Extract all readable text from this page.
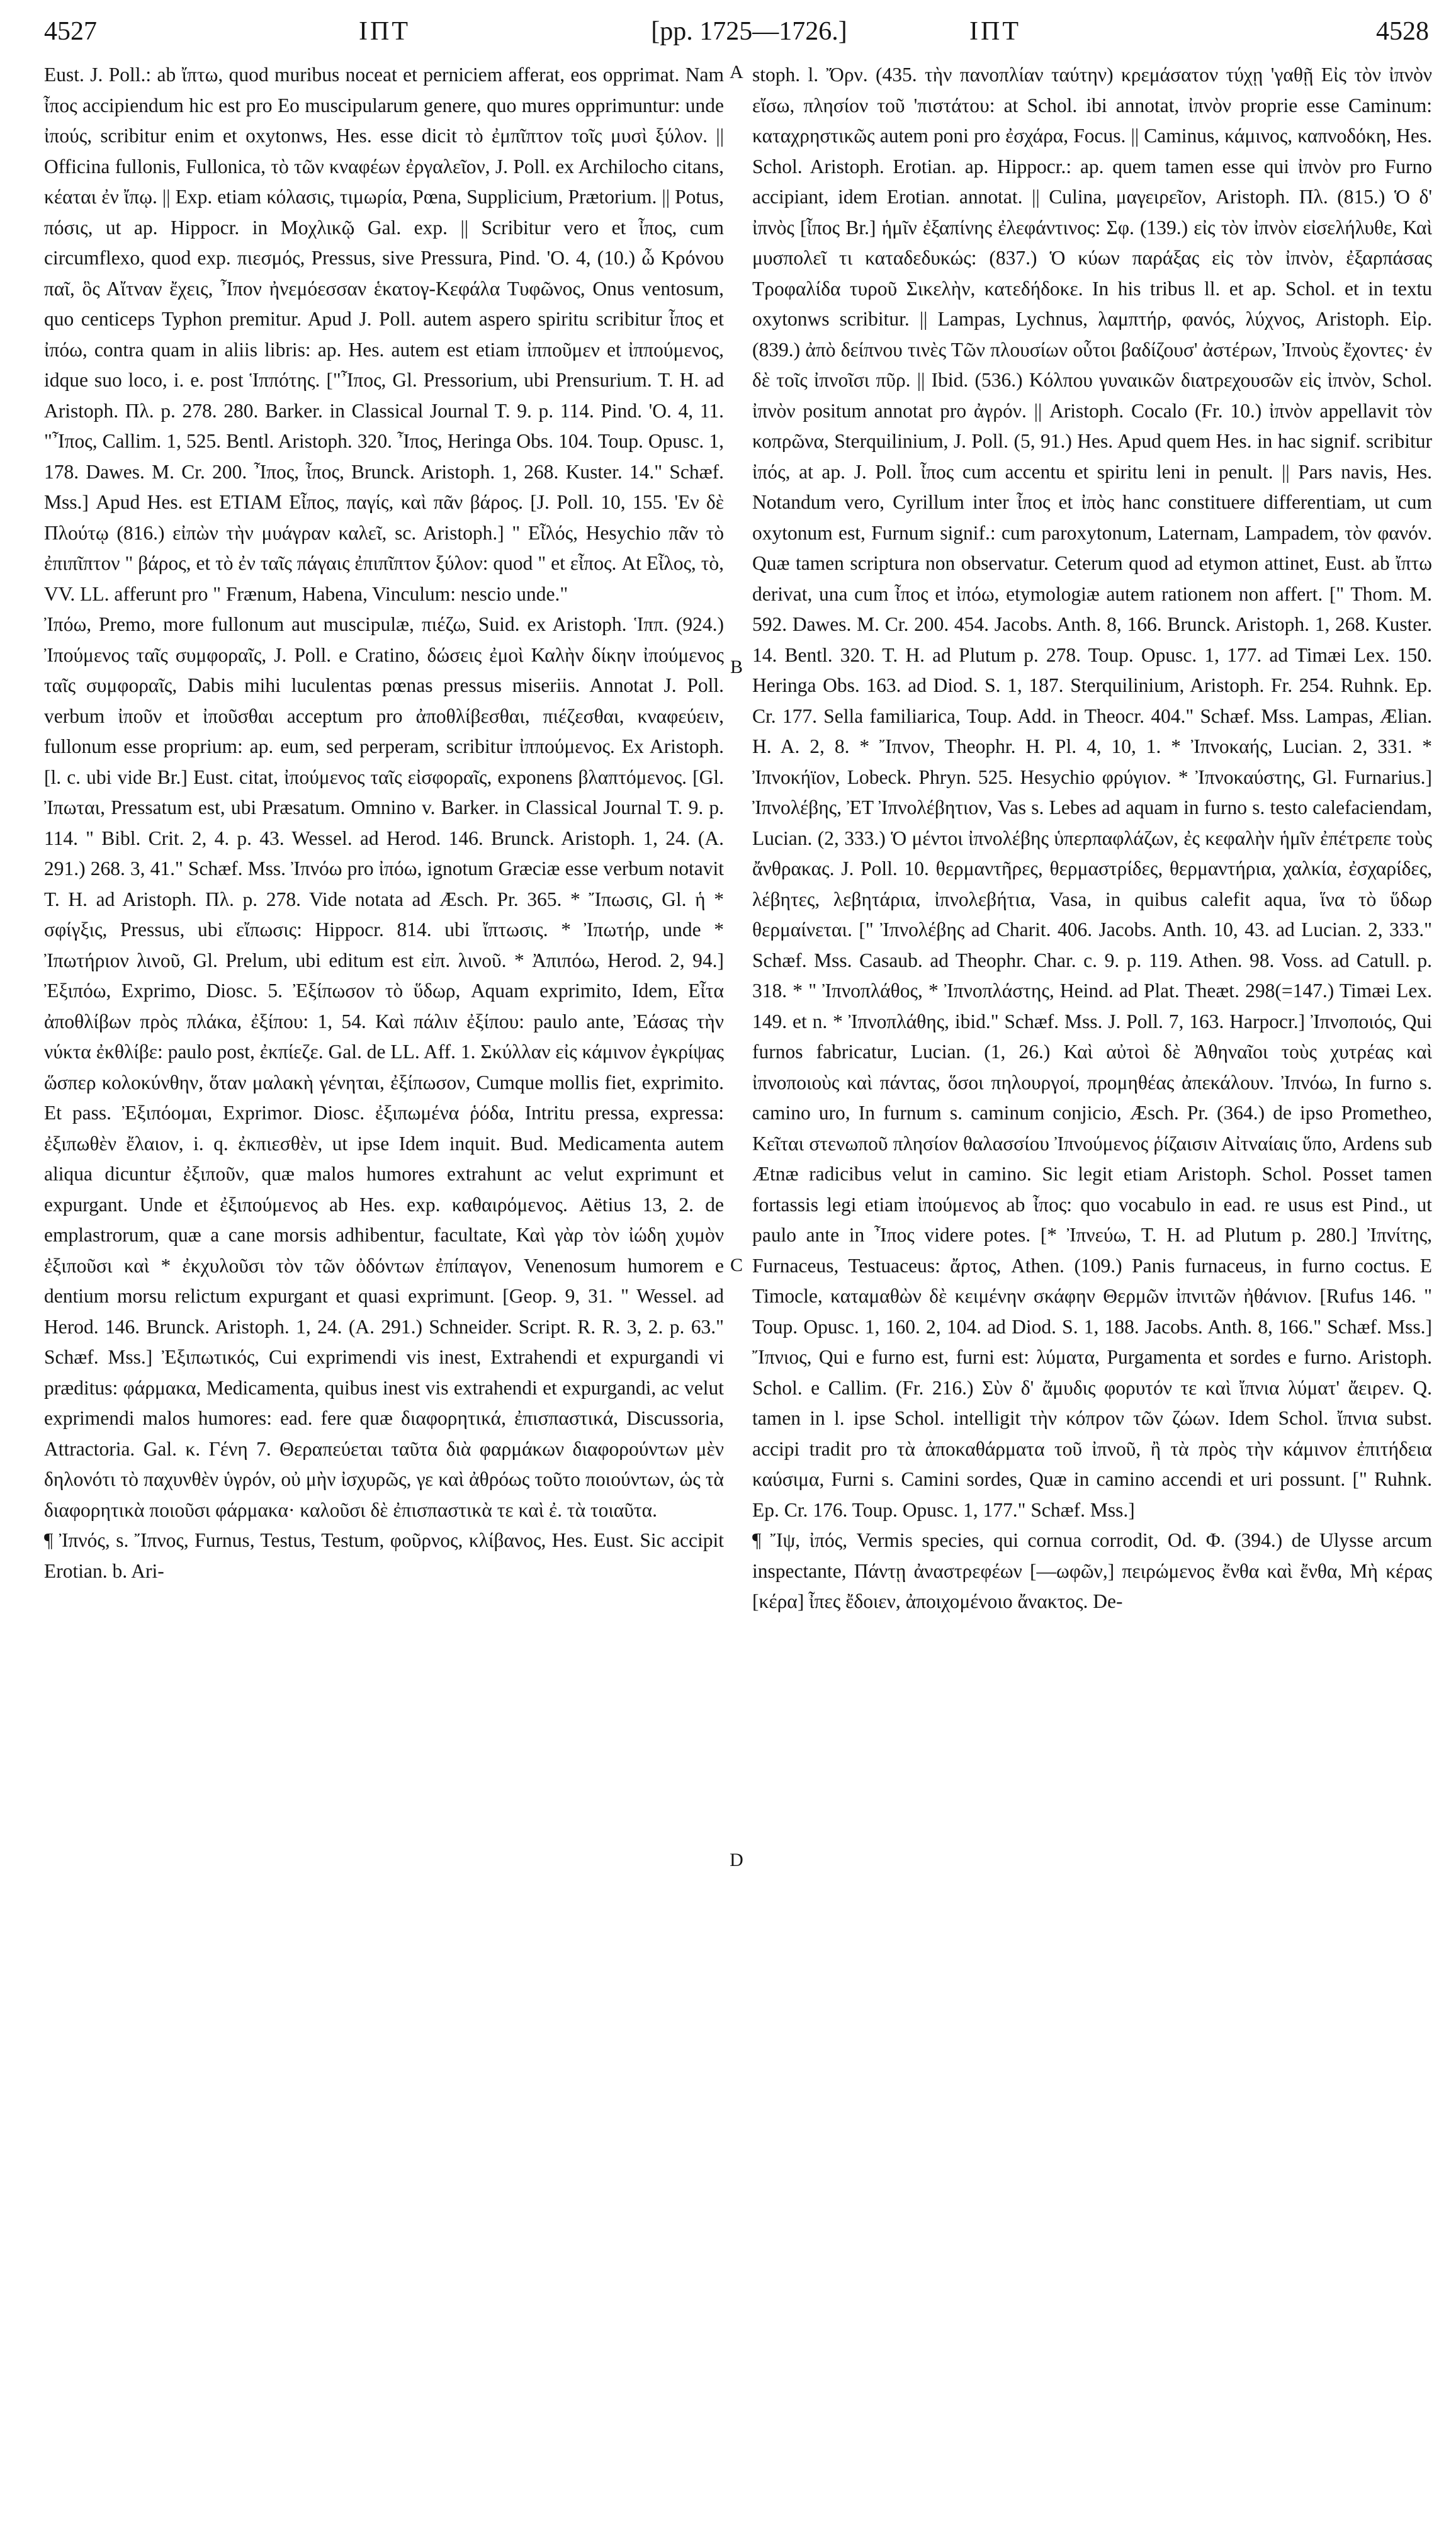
4527	ΙΠΤ	[pp. 1725—1726.]	ΙΠΤ	4528

Eust. J. Poll.: ab ἴπτω, quod muribus noceat et perniciem afferat, eos opprimat. Nam ἶπος accipiendum hic est pro Eo muscipularum genere, quo mures opprimuntur: unde ἰπούς, scribitur enim et oxytonws, Hes. esse dicit τὸ ἐμπῖπτον τοῖς μυσὶ ξύλον. || Officina fullonis, Fullonica, τὸ τῶν κναφέων ἐργαλεῖον, J. Poll. ex Archilocho citans, κέαται ἐν ἴπῳ. || Exp. etiam κόλασις, τιμωρία, Pœna, Supplicium, Prætorium. || Potus, πόσις, ut ap. Hippocr. in Μοχλικῷ Gal. exp. || Scribitur vero et ἶπος, cum circumflexo, quod exp. πιεσμός, Pressus, sive Pressura, Pind. 'Ο. 4, (10.) ὦ Κρόνου παῖ, ὃς Αἴτναν ἔχεις, Ἶπον ἠνεμόεσσαν ἑκατογ-Κεφάλα Τυφῶνος, Onus ventosum, quo centiceps Typhon premitur. Apud J. Poll. autem aspero spiritu scribitur ἶπος et ἰπόω, contra quam in aliis libris: ap. Hes. autem est etiam ἰπποῦμεν et ἰππούμενος, idque suo loco, i. e. post Ἱππότης. ["Ἶπος, Gl. Pressorium, ubi Prensurium. T. H. ad Aristoph. Πλ. p. 278. 280. Barker. in Classical Journal T. 9. p. 114. Pind. 'Ο. 4, 11. "Ἶπος, Callim. 1, 525. Bentl. Aristoph. 320. Ἶπος, Heringa Obs. 104. Toup. Opusc. 1, 178. Dawes. M. Cr. 200. Ἶπος, ἶπος, Brunck. Aristoph. 1, 268. Kuster. 14." Schæf. Mss.] Apud Hes. est ΕΤΙΑΜ Εἶπος, παγίς, καὶ πᾶν βάρος. [J. Poll. 10, 155. 'Εν δὲ Πλούτῳ (816.) εἰπὼν τὴν μυάγραν καλεῖ, sc. Aristoph.] " Εἶλός, Hesychio πᾶν τὸ ἐπιπῖπτον " βάρος, et τὸ ἐν ταῖς πάγαις ἐπιπῖπτον ξύλον: quod " et εἶπος. At Εἶλος, τὸ, VV. LL. afferunt pro " Frænum, Habena, Vinculum: nescio unde."

Ἰπόω, Premo, more fullonum aut muscipulæ, πιέζω, Suid. ex Aristoph. Ἱππ. (924.) Ἰπούμενος ταῖς συμφοραῖς, J. Poll. e Cratino, δώσεις ἐμοὶ Καλὴν δίκην ἰπούμενος ταῖς συμφοραῖς, Dabis mihi luculentas pœnas pressus miseriis. Annotat J. Poll. verbum ἰποῦν et ἰποῦσθαι acceptum pro ἀποθλίβεσθαι, πιέζεσθαι, κναφεύειν, fullonum esse proprium: ap. eum, sed perperam, scribitur ἰππούμενος. Ex Aristoph. [l. c. ubi vide Br.] Eust. citat, ἰπούμενος ταῖς εἰσφοραῖς, exponens βλαπτόμενος. [Gl. Ἰπωται, Pressatum est, ubi Præsatum. Omnino v. Barker. in Classical Journal T. 9. p. 114. " Bibl. Crit. 2, 4. p. 43. Wessel. ad Herod. 146. Brunck. Aristoph. 1, 24. (A. 291.) 268. 3, 41." Schæf. Mss. Ἰπνόω pro ἰπόω, ignotum Græciæ esse verbum notavit T. H. ad Aristoph. Πλ. p. 278. Vide notata ad Æsch. Pr. 365. * Ἴπωσις, Gl. ἡ * σφίγξις, Pressus, ubi εἴπωσις: Hippocr. 814. ubi ἴπτωσις. * Ἰπωτήρ, unde * Ἰπωτήριον λινοῦ, Gl. Prelum, ubi editum est εἰπ. λινοῦ. * Ἀπιπόω, Herod. 2, 94.] Ἐξιπόω, Exprimo, Diosc. 5. Ἐξίπωσον τὸ ὕδωρ, Aquam exprimito, Idem, Εἶτα ἀποθλίβων πρὸς πλάκα, ἐξίπου: 1, 54. Καὶ πάλιν ἐξίπου: paulo ante, Ἐάσας τὴν νύκτα ἐκθλίβε: paulo post, ἐκπίεζε. Gal. de LL. Aff. 1. Σκύλλαν εἰς κάμινον ἐγκρίψας ὥσπερ κολοκύνθην, ὅταν μαλακὴ γένηται, ἐξίπωσον, Cumque mollis fiet, exprimito. Et pass. Ἐξιπόομαι, Exprimor. Diosc. ἐξιπωμένα ῥόδα, Intritu pressa, expressa: ἐξιπωθὲν ἔλαιον, i. q. ἐκπιεσθὲν, ut ipse Idem inquit. Bud. Medicamenta autem aliqua dicuntur ἐξιποῦν, quæ malos humores extrahunt ac velut exprimunt et expurgant. Unde et ἐξιπούμενος ab Hes. exp. καθαιρόμενος. Aëtius 13, 2. de emplastrorum, quæ a cane morsis adhibentur, facultate, Καὶ γὰρ τὸν ἰώδη χυμὸν ἐξιποῦσι καὶ * ἐκχυλοῦσι τὸν τῶν ὀδόντων ἐπίπαγον, Venenosum humorem e dentium morsu relictum expurgant et quasi exprimunt. [Geop. 9, 31. " Wessel. ad Herod. 146. Brunck. Aristoph. 1, 24. (A. 291.) Schneider. Script. R. R. 3, 2. p. 63." Schæf. Mss.] Ἐξιπωτικός, Cui exprimendi vis inest, Extrahendi et expurgandi vi præditus: φάρμακα, Medicamenta, quibus inest vis extrahendi et expurgandi, ac velut exprimendi malos humores: ead. fere quæ διαφορητικά, ἐπισπαστικά, Discussoria, Attractoria. Gal. κ. Γένη 7. Θεραπεύεται ταῦτα διὰ φαρμάκων διαφορούντων μὲν δηλονότι τὸ παχυνθὲν ὑγρόν, οὐ μὴν ἰσχυρῶς, γε καὶ ἀθρόως τοῦτο ποιούντων, ὡς τὰ διαφορητικὰ ποιοῦσι φάρμακα· καλοῦσι δὲ ἐπισπαστικὰ τε καὶ ἐ. τὰ τοιαῦτα.

¶ Ἰπνός, s. Ἴπνος, Furnus, Testus, Testum, φοῦρνος, κλίβανος, Hes. Eust. Sic accipit Erotian. b. Ari-

A
B
C
D

stoph. l. Ὄρν. (435. τὴν πανοπλίαν ταύτην) κρεμάσατον τύχῃ 'γαθῇ Εἰς τὸν ἰπνὸν εἴσω, πλησίον τοῦ 'πιστάτου: at Schol. ibi annotat, ἰπνὸν proprie esse Caminum: καταχρηστικῶς autem poni pro ἐσχάρα, Focus. || Caminus, κάμινος, καπνοδόκη, Hes. Schol. Aristoph. Erotian. ap. Hippocr.: ap. quem tamen esse qui ἰπνὸν pro Furno accipiant, idem Erotian. annotat. || Culina, μαγειρεῖον, Aristoph. Πλ. (815.) Ὁ δ' ἰπνὸς [ἶπος Br.] ἡμῖν ἐξαπίνης ἐλεφάντινος: Σφ. (139.) εἰς τὸν ἰπνὸν εἰσελήλυθε, Καὶ μυσπολεῖ τι καταδεδυκώς: (837.) Ὁ κύων παράξας εἰς τὸν ἰπνὸν, ἐξαρπάσας Τροφαλίδα τυροῦ Σικελὴν, κατεδήδοκε. In his tribus ll. et ap. Schol. et in textu oxytonws scribitur. || Lampas, Lychnus, λαμπτήρ, φανός, λύχνος, Aristoph. Εἰρ. (839.) ἀπὸ δείπνου τινὲς Τῶν πλουσίων οὗτοι βαδίζουσ' ἀστέρων, Ἰπνοὺς ἔχοντες· ἐν δὲ τοῖς ἰπνοῖσι πῦρ. || Ibid. (536.) Κόλπου γυναικῶν διατρεχουσῶν εἰς ἰπνὸν, Schol. ἰπνὸν positum annotat pro ἀγρόν. || Aristoph. Cocalo (Fr. 10.) ἰπνὸν appellavit τὸν κοπρῶνα, Sterquilinium, J. Poll. (5, 91.) Hes. Apud quem Hes. in hac signif. scribitur ἰπός, at ap. J. Poll. ἶπος cum accentu et spiritu leni in penult. || Pars navis, Hes. Notandum vero, Cyrillum inter ἶπος et ἰπὸς hanc constituere differentiam, ut cum oxytonum est, Furnum signif.: cum paroxytonum, Laternam, Lampadem, τὸν φανόν. Quæ tamen scriptura non observatur. Ceterum quod ad etymon attinet, Eust. ab ἴπτω derivat, una cum ἶπος et ἰπόω, etymologiæ autem rationem non affert. [" Thom. M. 592. Dawes. M. Cr. 200. 454. Jacobs. Anth. 8, 166. Brunck. Aristoph. 1, 268. Kuster. 14. Bentl. 320. T. H. ad Plutum p. 278. Toup. Opusc. 1, 177. ad Timæi Lex. 150. Heringa Obs. 163. ad Diod. S. 1, 187. Sterquilinium, Aristoph. Fr. 254. Ruhnk. Ep. Cr. 177. Sella familiarica, Toup. Add. in Theocr. 404." Schæf. Mss. Lampas, Ælian. H. A. 2, 8. * Ἴπνον, Theophr. H. Pl. 4, 10, 1. * Ἰπνοκαής, Lucian. 2, 331. * Ἰπνοκήϊον, Lobeck. Phryn. 525. Hesychio φρύγιον. * Ἰπνοκαύστης, Gl. Furnarius.] Ἰπνολέβης, ἘΤ Ἰπνολέβητιον, Vas s. Lebes ad aquam in furno s. testo calefaciendam, Lucian. (2, 333.) Ὁ μέντοι ἰπνολέβης ὑπερπαφλάζων, ἐς κεφαλὴν ἡμῖν ἐπέτρεπε τοὺς ἄνθρακας. J. Poll. 10. θερμαντῆρες, θερμαστρίδες, θερμαντήρια, χαλκία, ἐσχαρίδες, λέβητες, λεβητάρια, ἰπνολεβήτια, Vasa, in quibus calefit aqua, ἵνα τὸ ὕδωρ θερμαίνεται. [" Ἰπνολέβης ad Charit. 406. Jacobs. Anth. 10, 43. ad Lucian. 2, 333." Schæf. Mss. Casaub. ad Theophr. Char. c. 9. p. 119. Athen. 98. Voss. ad Catull. p. 318. * " Ἰπνοπλάθος, * Ἰπνοπλάστης, Heind. ad Plat. Theæt. 298(=147.) Timæi Lex. 149. et n. * Ἰπνοπλάθης, ibid." Schæf. Mss. J. Poll. 7, 163. Harpocr.] Ἰπνοποιός, Qui furnos fabricatur, Lucian. (1, 26.) Καὶ αὐτοὶ δὲ Ἀθηναῖοι τοὺς χυτρέας καὶ ἰπνοποιοὺς καὶ πάντας, ὅσοι πηλουργοί, προμηθέας ἀπεκάλουν. Ἰπνόω, In furno s. camino uro, In furnum s. caminum conjicio, Æsch. Pr. (364.) de ipso Prometheo, Κεῖται στενωποῦ πλησίον θαλασσίου Ἰπνούμενος ῥίζαισιν Αἰτναίαις ὕπο, Ardens sub Ætnæ radicibus velut in camino. Sic legit etiam Aristoph. Schol. Posset tamen fortassis legi etiam ἰπούμενος ab ἶπος: quo vocabulo in ead. re usus est Pind., ut paulo ante in Ἶπος videre potes. [* Ἰπνεύω, T. H. ad Plutum p. 280.] Ἰπνίτης, Furnaceus, Testuaceus: ἄρτος, Athen. (109.) Panis furnaceus, in furno coctus. E Timocle, καταμαθὼν δὲ κειμένην σκάφην Θερμῶν ἰπνιτῶν ἠθάνιον. [Rufus 146. " Toup. Opusc. 1, 160. 2, 104. ad Diod. S. 1, 188. Jacobs. Anth. 8, 166." Schæf. Mss.] Ἴπνιος, Qui e furno est, furni est: λύματα, Purgamenta et sordes e furno. Aristoph. Schol. e Callim. (Fr. 216.) Σὺν δ' ἄμυδις φορυτόν τε καὶ ἴπνια λύματ' ἄειρεν. Q. tamen in l. ipse Schol. intelligit τὴν κόπρον τῶν ζώων. Idem Schol. ἴπνια subst. accipi tradit pro τὰ ἀποκαθάρματα τοῦ ἰπνοῦ, ἢ τὰ πρὸς τὴν κάμινον ἐπιτήδεια καύσιμα, Furni s. Camini sordes, Quæ in camino accendi et uri possunt. [" Ruhnk. Ep. Cr. 176. Toup. Opusc. 1, 177." Schæf. Mss.]

¶ Ἴψ, ἰπός, Vermis species, qui cornua corrodit, Od. Φ. (394.) de Ulysse arcum inspectante, Πάντῃ ἀναστρεφέων [—ωφῶν,] πειρώμενος ἔνθα καὶ ἔνθα, Μὴ κέρας [κέρα] ἶπες ἔδοιεν, ἀποιχομένοιο ἄνακτος. De-
